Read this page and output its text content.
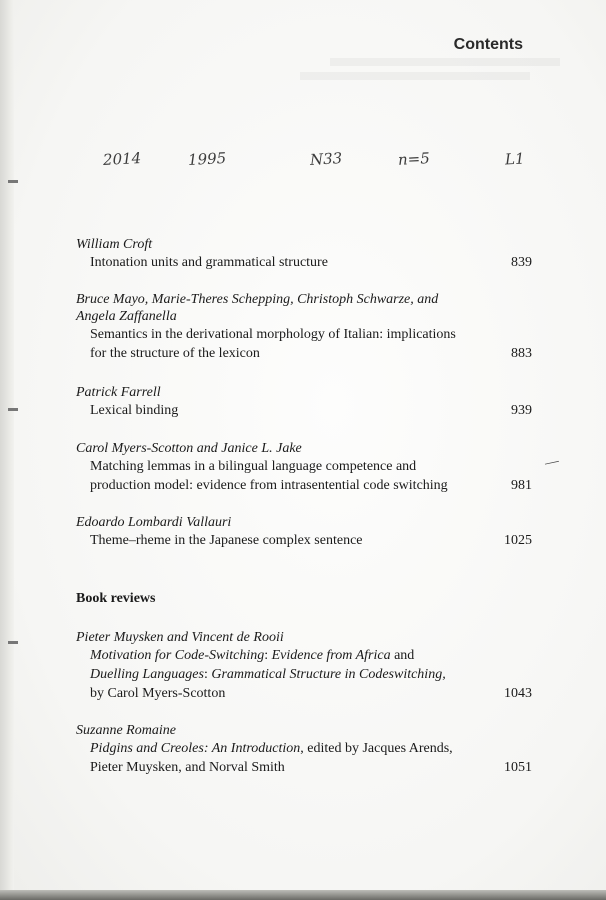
Contents
2014	1995	N33	n=5	L1
William Croft
Intonation units and grammatical structure	839
Bruce Mayo, Marie-Theres Schepping, Christoph Schwarze, and
Angela Zaffanella
Semantics in the derivational morphology of Italian: implications
for the structure of the lexicon	883
Patrick Farrell
Lexical binding	939
Carol Myers-Scotton and Janice L. Jake
Matching lemmas in a bilingual language competence and
production model: evidence from intrasentential code switching	981
Edoardo Lombardi Vallauri
Theme–rheme in the Japanese complex sentence	1025
Book reviews
Pieter Muysken and Vincent de Rooii
Motivation for Code-Switching: Evidence from Africa and
Duelling Languages: Grammatical Structure in Codeswitching,
by Carol Myers-Scotton	1043
Suzanne Romaine
Pidgins and Creoles: An Introduction, edited by Jacques Arends,
Pieter Muysken, and Norval Smith	1051
—
